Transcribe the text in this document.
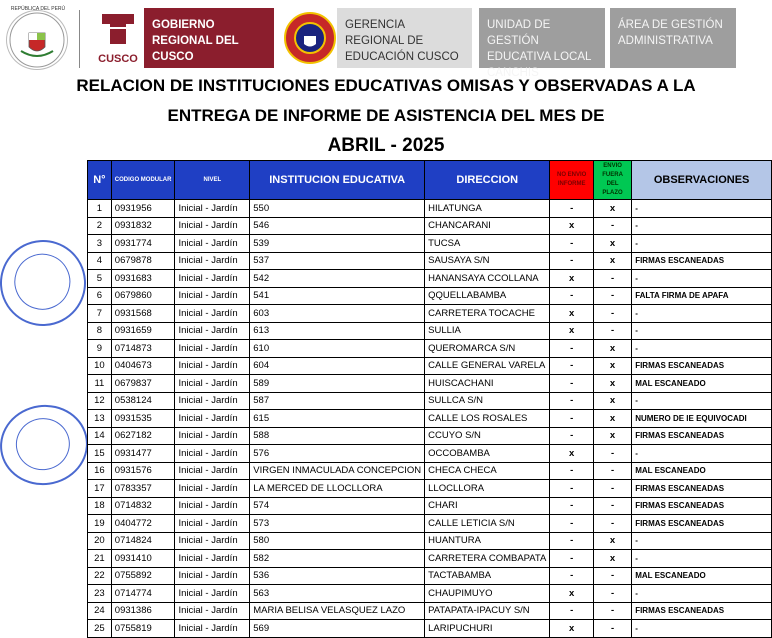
REPÚBLICA DEL PERÚ
CUSCO
GOBIERNO REGIONAL DEL CUSCO
GERENCIA REGIONAL DE EDUCACIÓN CUSCO
UNIDAD DE GESTIÓN EDUCATIVA LOCAL CANCHIS
ÁREA DE GESTIÓN ADMINISTRATIVA
RELACION DE INSTITUCIONES EDUCATIVAS OMISAS Y OBSERVADAS A LA
ENTREGA DE INFORME DE ASISTENCIA DEL MES DE
ABRIL - 2025
N°	CODIGO MODULAR	NIVEL	INSTITUCION EDUCATIVA	DIRECCION	NO ENVIO INFORME	ENVIO FUERA DEL PLAZO	OBSERVACIONES
1	0931956	Inicial - Jardín	550	HILATUNGA	-	x	-
2	0931832	Inicial - Jardín	546	CHANCARANI	x	-	-
3	0931774	Inicial - Jardín	539	TUCSA	-	x	-
4	0679878	Inicial - Jardín	537	SAUSAYA S/N	-	x	FIRMAS ESCANEADAS
5	0931683	Inicial - Jardín	542	HANANSAYA CCOLLANA	x	-	-
6	0679860	Inicial - Jardín	541	QQUELLABAMBA	-	-	FALTA FIRMA DE APAFA
7	0931568	Inicial - Jardín	603	CARRETERA TOCACHE	x	-	-
8	0931659	Inicial - Jardín	613	SULLIA	x	-	-
9	0714873	Inicial - Jardín	610	QUEROMARCA S/N	-	x	-
10	0404673	Inicial - Jardín	604	CALLE GENERAL VARELA	-	x	FIRMAS ESCANEADAS
11	0679837	Inicial - Jardín	589	HUISCACHANI	-	x	MAL ESCANEADO
12	0538124	Inicial - Jardín	587	SULLCA S/N	-	x	-
13	0931535	Inicial - Jardín	615	CALLE LOS ROSALES	-	x	NUMERO DE IE EQUIVOCADI
14	0627182	Inicial - Jardín	588	CCUYO S/N	-	x	FIRMAS ESCANEADAS
15	0931477	Inicial - Jardín	576	OCCOBAMBA	x	-	-
16	0931576	Inicial - Jardín	VIRGEN INMACULADA CONCEPCION	CHECA CHECA	-	-	MAL ESCANEADO
17	0783357	Inicial - Jardín	LA MERCED DE LLOCLLORA	LLOCLLORA	-	-	FIRMAS ESCANEADAS
18	0714832	Inicial - Jardín	574	CHARI	-	-	FIRMAS ESCANEADAS
19	0404772	Inicial - Jardín	573	CALLE LETICIA S/N	-	-	FIRMAS ESCANEADAS
20	0714824	Inicial - Jardín	580	HUANTURA	-	x	-
21	0931410	Inicial - Jardín	582	CARRETERA COMBAPATA	-	x	-
22	0755892	Inicial - Jardín	536	TACTABAMBA	-	-	MAL ESCANEADO
23	0714774	Inicial - Jardín	563	CHAUPIMUYO	x	-	-
24	0931386	Inicial - Jardín	MARIA BELISA VELASQUEZ LAZO	PATAPATA-IPACUY S/N	-	-	FIRMAS ESCANEADAS
25	0755819	Inicial - Jardín	569	LARIPUCHURI	x	-	-
